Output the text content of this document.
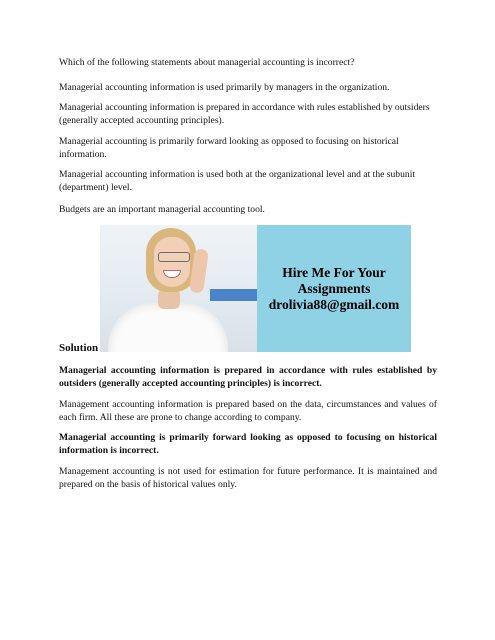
Which of the following statements about managerial accounting is incorrect?

Managerial accounting information is used primarily by managers in the organization.

Managerial accounting information is prepared in accordance with rules established by outsiders (generally accepted accounting principles).

Managerial accounting is primarily forward looking as opposed to focusing on historical information.

Managerial accounting information is used both at the organizational level and at the subunit (department) level.

Budgets are an important managerial accounting tool.

Hire Me For Your
Assignments
drolivia88@gmail.com

Solution

Managerial accounting information is prepared in accordance with rules established by outsiders (generally accepted accounting principles) is incorrect.

Management accounting information is prepared based on the data, circumstances and values of each firm. All these are prone to change according to company.

Managerial accounting is primarily forward looking as opposed to focusing on historical information is incorrect.

Management accounting is not used for estimation for future performance. It is maintained and prepared on the basis of historical values only.
